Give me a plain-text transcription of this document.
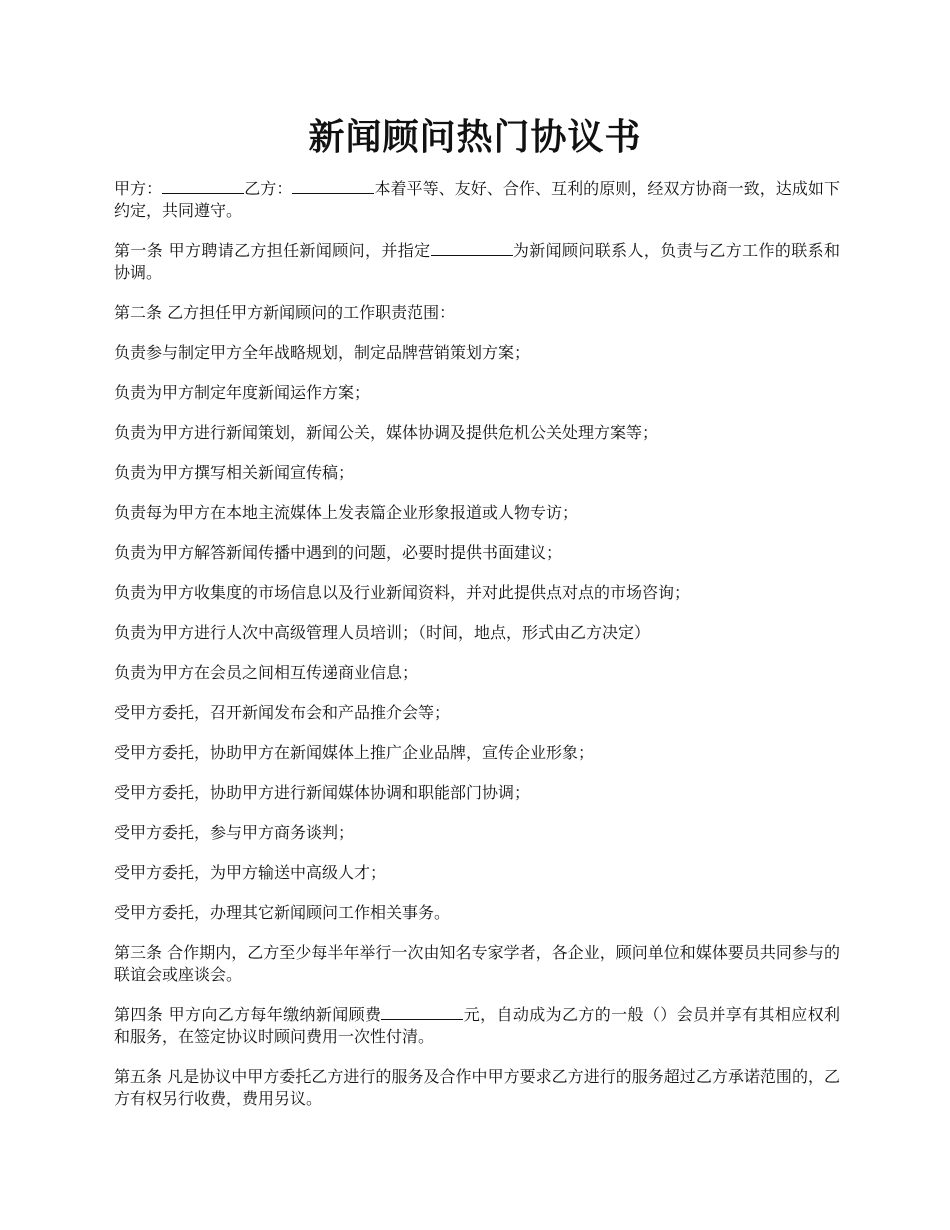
新闻顾问热门协议书

甲方：	乙方：	本着平等、友好、合作、互利的原则，经双方协商一致，达成如下约定，共同遵守。

第一条 甲方聘请乙方担任新闻顾问，并指定	为新闻顾问联系人，负责与乙方工作的联系和协调。

第二条 乙方担任甲方新闻顾问的工作职责范围：

负责参与制定甲方全年战略规划，制定品牌营销策划方案；

负责为甲方制定年度新闻运作方案；

负责为甲方进行新闻策划，新闻公关，媒体协调及提供危机公关处理方案等；

负责为甲方撰写相关新闻宣传稿；

负责每为甲方在本地主流媒体上发表篇企业形象报道或人物专访；

负责为甲方解答新闻传播中遇到的问题，必要时提供书面建议；

负责为甲方收集度的市场信息以及行业新闻资料，并对此提供点对点的市场咨询；

负责为甲方进行人次中高级管理人员培训；（时间，地点，形式由乙方决定）

负责为甲方在会员之间相互传递商业信息；

受甲方委托，召开新闻发布会和产品推介会等；

受甲方委托，协助甲方在新闻媒体上推广企业品牌，宣传企业形象；

受甲方委托，协助甲方进行新闻媒体协调和职能部门协调；

受甲方委托，参与甲方商务谈判；

受甲方委托，为甲方输送中高级人才；

受甲方委托，办理其它新闻顾问工作相关事务。

第三条 合作期内，乙方至少每半年举行一次由知名专家学者，各企业，顾问单位和媒体要员共同参与的联谊会或座谈会。

第四条 甲方向乙方每年缴纳新闻顾费	元，自动成为乙方的一般（）会员并享有其相应权利和服务，在签定协议时顾问费用一次性付清。

第五条 凡是协议中甲方委托乙方进行的服务及合作中甲方要求乙方进行的服务超过乙方承诺范围的，乙方有权另行收费，费用另议。
